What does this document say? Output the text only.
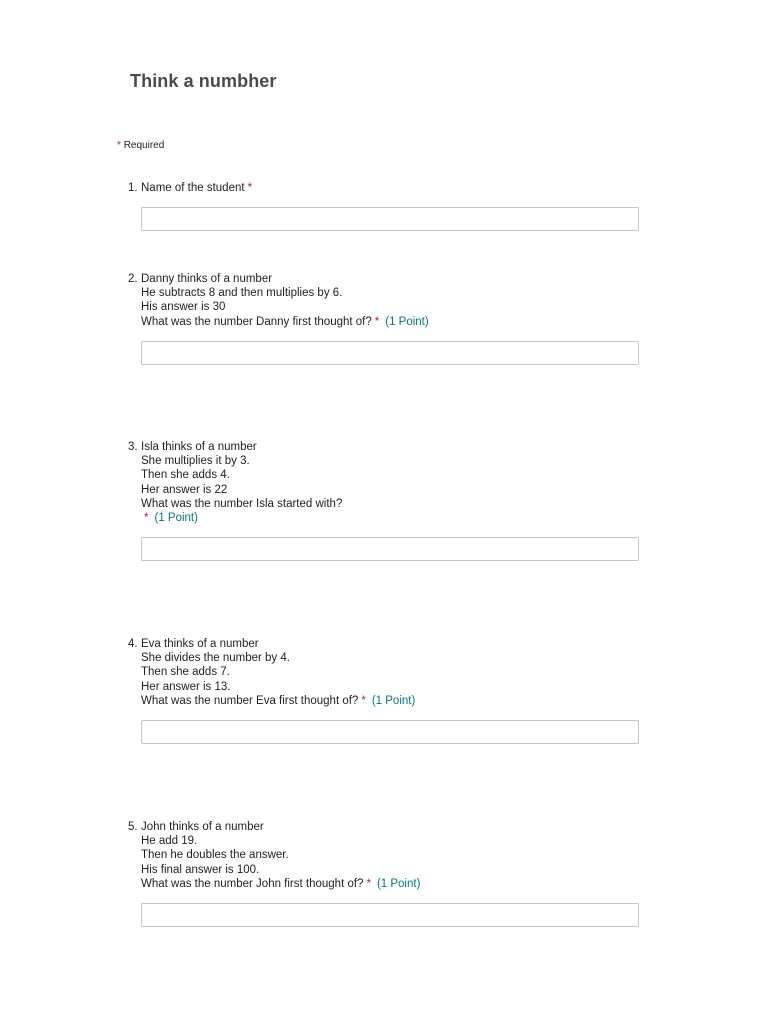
Think a numbher
* Required
1. Name of the student *
2. Danny thinks of a number
He subtracts 8 and then multiplies by 6.
His answer is 30
What was the number Danny first thought of? * (1 Point)
3. Isla thinks of a number
She multiplies it by 3.
Then she adds 4.
Her answer is 22
What was the number Isla started with?
* (1 Point)
4. Eva thinks of a number
She divides the number by 4.
Then she adds 7.
Her answer is 13.
What was the number Eva first thought of? * (1 Point)
5. John thinks of a number
He add 19.
Then he doubles the answer.
His final answer is 100.
What was the number John first thought of? * (1 Point)
